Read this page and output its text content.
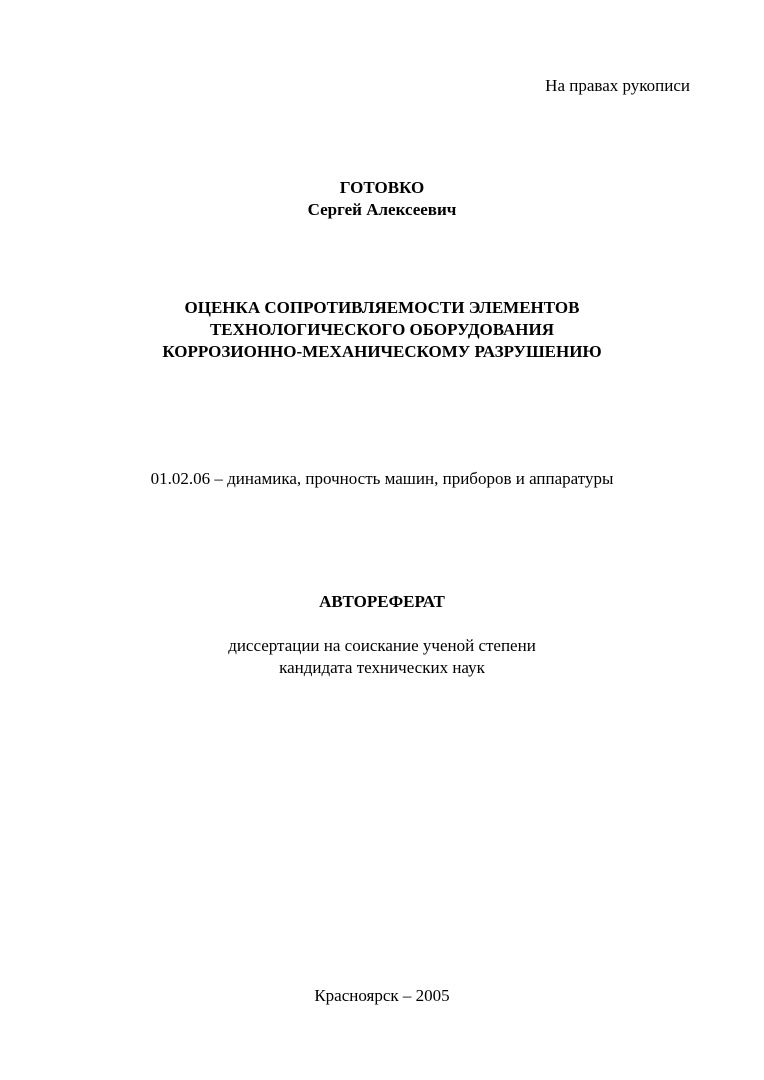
На правах рукописи
ГОТОВКО
Сергей Алексеевич
ОЦЕНКА СОПРОТИВЛЯЕМОСТИ ЭЛЕМЕНТОВ
ТЕХНОЛОГИЧЕСКОГО ОБОРУДОВАНИЯ
КОРРОЗИОННО-МЕХАНИЧЕСКОМУ РАЗРУШЕНИЮ
01.02.06 – динамика, прочность машин, приборов и аппаратуры
АВТОРЕФЕРАТ
диссертации на соискание ученой степени
кандидата технических наук
Красноярск – 2005
